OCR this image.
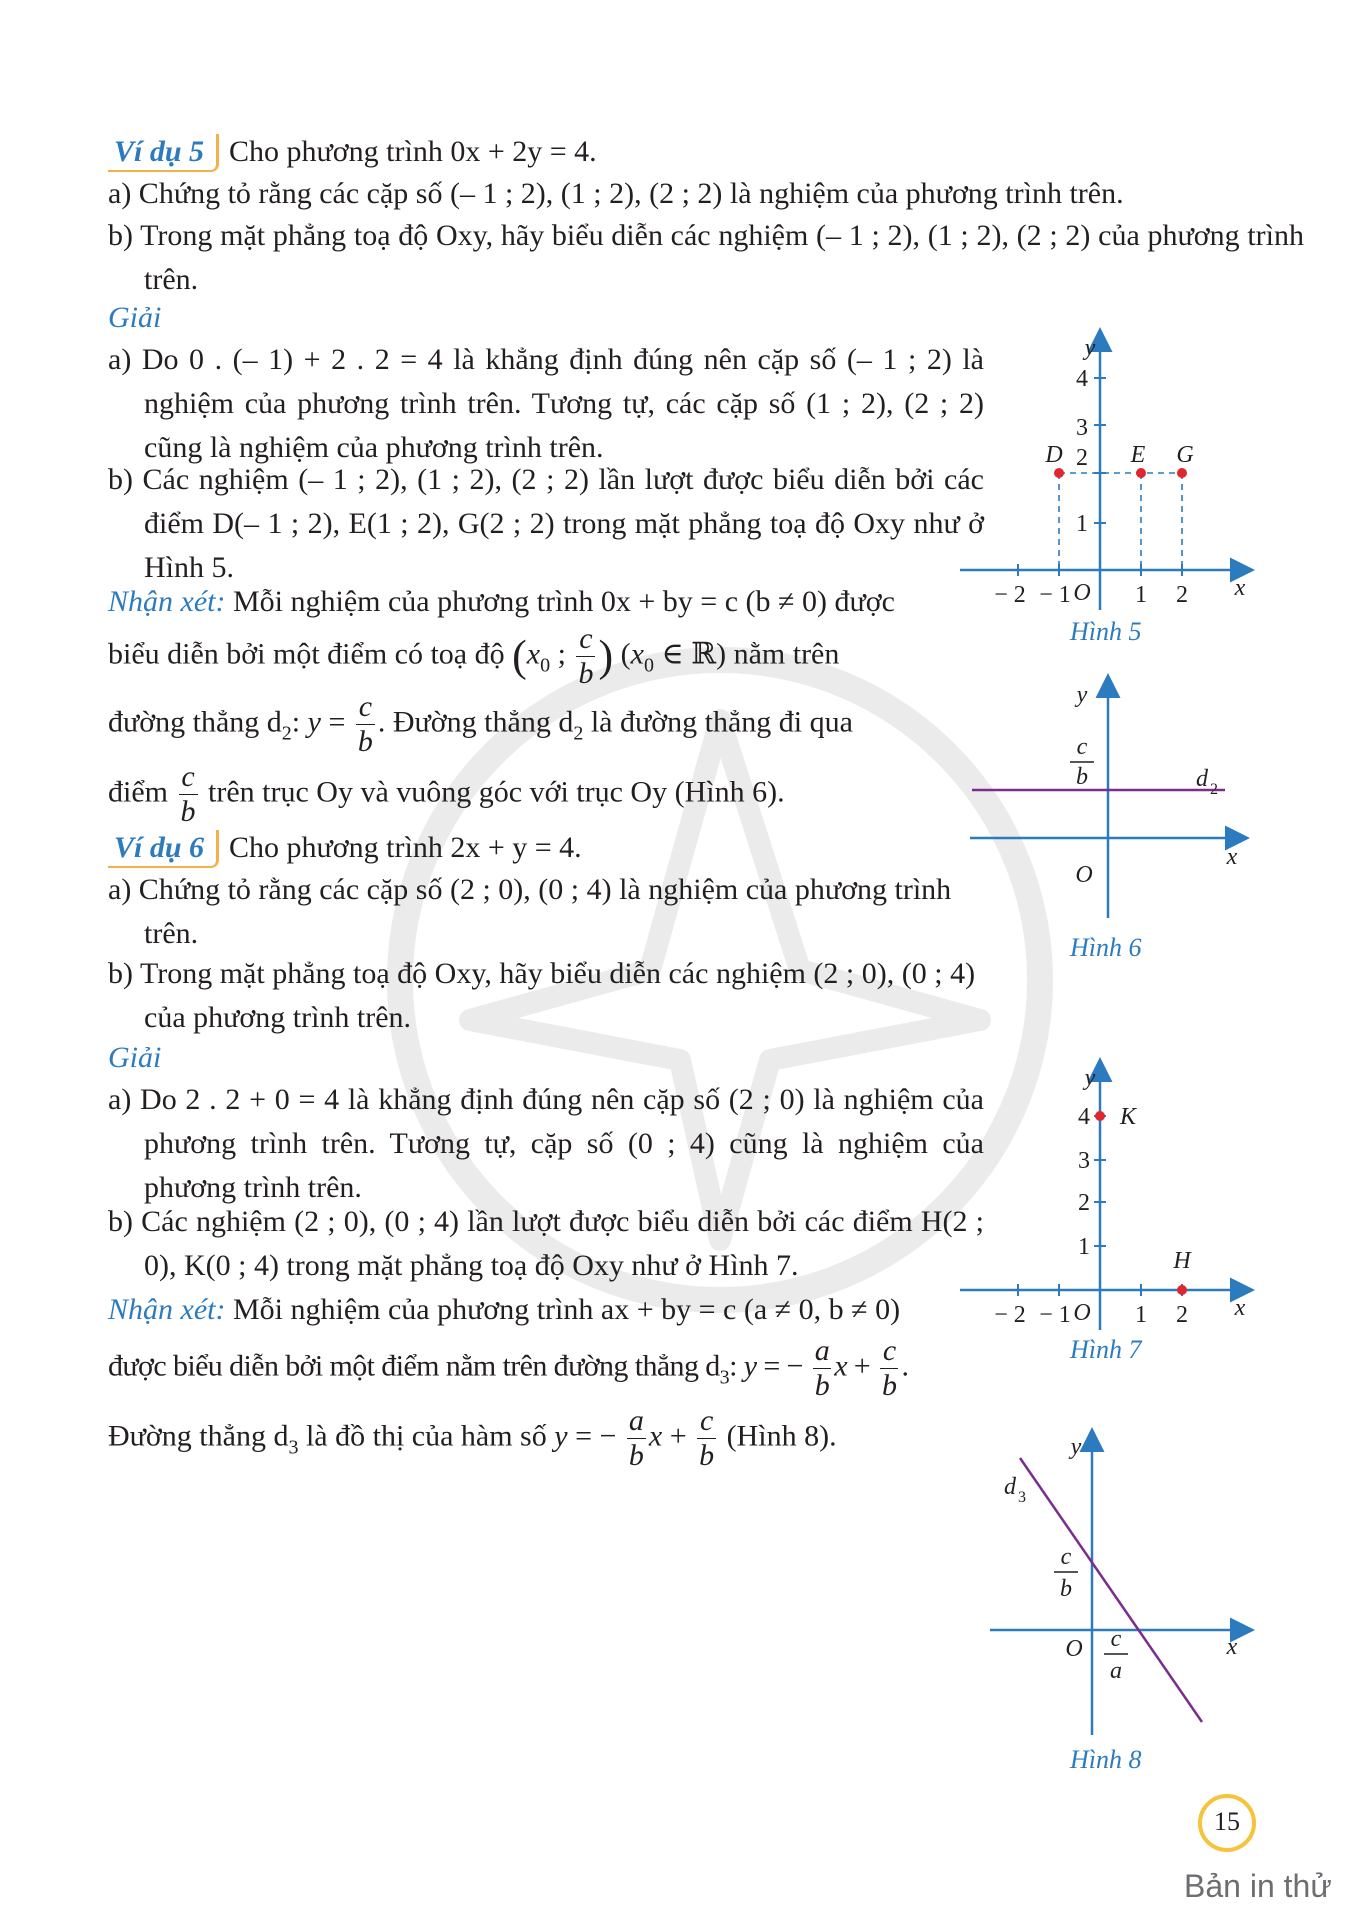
Ví dụ 5 Cho phương trình 0x + 2y = 4.
a) Chứng tỏ rằng các cặp số (– 1 ; 2), (1 ; 2), (2 ; 2) là nghiệm của phương trình trên.
b) Trong mặt phẳng toạ độ Oxy, hãy biểu diễn các nghiệm (– 1 ; 2), (1 ; 2), (2 ; 2) của phương trình trên.
Giải
a) Do 0 . (– 1) + 2 . 2 = 4 là khẳng định đúng nên cặp số (– 1 ; 2) là nghiệm của phương trình trên. Tương tự, các cặp số (1 ; 2), (2 ; 2) cũng là nghiệm của phương trình trên.
b) Các nghiệm (– 1 ; 2), (1 ; 2), (2 ; 2) lần lượt được biểu diễn bởi các điểm D(– 1 ; 2), E(1 ; 2), G(2 ; 2) trong mặt phẳng toạ độ Oxy như ở Hình 5.
Nhận xét: Mỗi nghiệm của phương trình 0x + by = c (b ≠ 0) được
biểu diễn bởi một điểm có toạ độ ($x_0$ ; $\frac{c}{b}$ ) ($x_0$ ∈ ℝ) nằm trên
đường thẳng $d_2$: $y = \frac{c}{b}$ . Đường thẳng $d_2$ là đường thẳng đi qua
điểm $\frac{c}{b}$ trên trục Oy và vuông góc với trục Oy (Hình 6).
Ví dụ 6 Cho phương trình 2x + y = 4.
a) Chứng tỏ rằng các cặp số (2 ; 0), (0 ; 4) là nghiệm của phương trình trên.
b) Trong mặt phẳng toạ độ Oxy, hãy biểu diễn các nghiệm (2 ; 0), (0 ; 4) của phương trình trên.
Giải
a) Do 2 . 2 + 0 = 4 là khẳng định đúng nên cặp số (2 ; 0) là nghiệm của phương trình trên. Tương tự, cặp số (0 ; 4) cũng là nghiệm của phương trình trên.
b) Các nghiệm (2 ; 0), (0 ; 4) lần lượt được biểu diễn bởi các điểm H(2 ; 0), K(0 ; 4) trong mặt phẳng toạ độ Oxy như ở Hình 7.
Nhận xét: Mỗi nghiệm của phương trình ax + by = c (a ≠ 0, b ≠ 0)
được biểu diễn bởi một điểm nằm trên đường thẳng $d_3$: y = − $\frac{a}{b}$ $x + \frac{c}{b}$ .
Đường thẳng $d_3$ là đồ thị của hàm số y = − $\frac{a}{b}$ $x + \frac{c}{b}$ (Hình 8).
y
x
O
− 2 − 1	1 2
1
2
3
4
D	E G
Hình 5
y
x
O
c
b	d 2
Hình 6
y
x
O
− 2 − 1	1 2
1
2
3
4 K
H
Hình 7
y
x
O
d 3
c
b
c
a
Hình 8
15
Bản in thử
